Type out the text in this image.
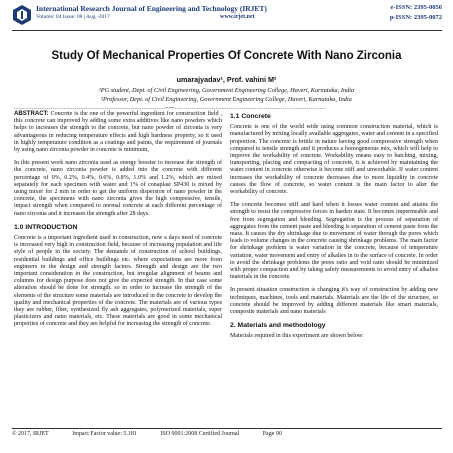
International Research Journal of Engineering and Technology (IRJET)
Volume: 04 Issue: 08 | Aug -2017	www.irjet.net
e-ISSN: 2395-0056
p-ISSN: 2395-0072
Study Of Mechanical Properties Of Concrete With Nano Zirconia
umarajyadav¹, Prof. vahini M²
¹PG student, Dept. of Civil Engineering, Government Engineering College, Haveri, Karnataka, India
²Professor, Dept. of Civil Engineering, Government Engineering College, Haveri, Karnataka, India
----------------------------------------------------------------------***----------------------------------------------------------------------

ABSTRACT: Concrete is the one of the powerful ingredient for construction field , this concrete can improved by adding some extra additives like nano powders which helps to increases the strength to the concrete, but nano powder of zirconia is very advantageous in reducing temperature effects and high hardness property, so it used in highly temperature condition as a coatings and paints, the requirement of journals by using nano zirconia powder in concrete is minimum,

In this present work nano zirconia used as energy booster to increase the strength of the concrete, nano zirconia powder is added into the concrete with different percentage of 0%, 0.2%, 0.4%, 0.6%, 0.8%, 1.0% and 1.2%, which are mixed separately for each specimen with water and 1% of conaplast SP430 is mixed by using mixer for 2 min in order to get the uniform dispersion of nano powder in the concrete, the specimens with nano zirconia gives the high compressive, tensile, impact strength when compared to normal concrete at each different percentage of nano zirconia and it increases the strength after 28 days.

1.0 INTRODUCTION

Concrete is a important ingredient used in construction, now a days need of concrete is increased very high in construction field, because of increasing population and life style of people in the society. The demands of construction of school buildings, residential buildings and office buildings etc. where expectations are more from engineers in the design and strength factors. Strength and design are the two important consideration in the construction, but irregular alignment of beams and columns for design purpose does not give the expected strength. In that case some alteration should be done for strength. so in order to increase the strength of the elements of the structure some materials are introduced in the concrete to develop the quality and mechanical properties of the concrete. The materials are of various types they are rubber, fiber, synthesized fly ash aggregates, polymerized materials, super plasticizers and nano materials, etc. These materials are good in some mechanical properties of concrete and they are helpful for increasing the strength of concrete.

1.1 Concrete

Concrete is one of the world wide using common construction material, which is manufactured by mixing locally available aggregates, water and cement in a specified proportion. The concrete is brittle in nature having good compressive strength when compared to tensile strength and it produces a homogeneous mix, which will help to improve the workability of concrete. Workability means easy to batching, mixing, transporting, placing and compacting of concrete, it is achieved by maintaining the water content in concrete otherwise it become stiff and unworkable. If water content increases the workability of concrete decreases due to more liquidity in concrete causes the flow of concrete, so water content is the main factor to alter the workability of concrete.

The concrete becomes stiff and hard when it losses water content and attains the strength to resist the compressive forces in harden state. It becomes impermeable and free from segregation and bleeding. Segregation is the process of separation of aggregates from the cement paste and bleeding is separation of cement paste from the mass. It causes the dry shrinkage due to movement of water through the pores which leads to volume changes in the concrete causing shrinkage problems. The main factor for shrinkage problem is water variation in the concrete, because of temperature variation, water movement and entry of alkalies in to the surface of concrete. In order to avoid the shrinkage problems the pores ratio and void ratio should be minimized with proper compaction and by taking safety measurements to avoid entry of alkalies materials in the concrete.

In present situation construction is changing it's way of construction by adding new techniques, machines, tools and materials. Materials are the life of the structure, so concrete should be improved by adding different materials like smart materials, composite materials and nano materials

2. Materials and methodology

Materials required in this experiment are shown below:

© 2017, IRJET	Impact Factor value: 5.181	ISO 9001:2008 Certified Journal	Page 90
